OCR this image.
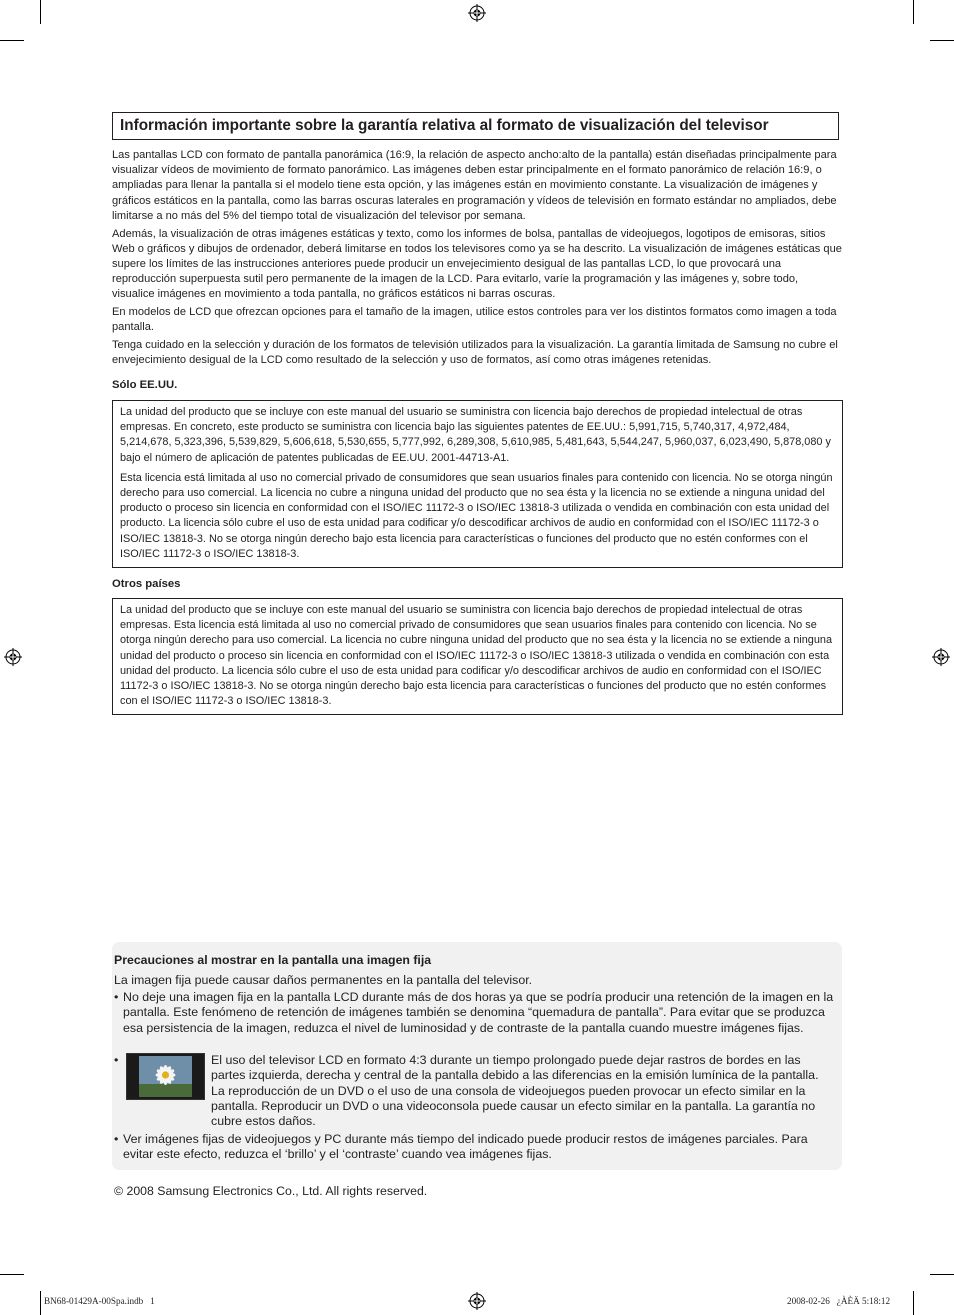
Información importante sobre la garantía relativa al formato de visualización del televisor

Las pantallas LCD con formato de pantalla panorámica (16:9, la relación de aspecto ancho:alto de la pantalla) están diseñadas principalmente para visualizar vídeos de movimiento de formato panorámico. Las imágenes deben estar principalmente en el formato panorámico de relación 16:9, o ampliadas para llenar la pantalla si el modelo tiene esta opción, y las imágenes están en movimiento constante. La visualización de imágenes y gráficos estáticos en la pantalla, como las barras oscuras laterales en programación y vídeos de televisión en formato estándar no ampliados, debe limitarse a no más del 5% del tiempo total de visualización del televisor por semana.

Además, la visualización de otras imágenes estáticas y texto, como los informes de bolsa, pantallas de videojuegos, logotipos de emisoras, sitios Web o gráficos y dibujos de ordenador, deberá limitarse en todos los televisores como ya se ha descrito. La visualización de imágenes estáticas que supere los límites de las instrucciones anteriores puede producir un envejecimiento desigual de las pantallas LCD, lo que provocará una reproducción superpuesta sutil pero permanente de la imagen de la LCD. Para evitarlo, varíe la programación y las imágenes y, sobre todo, visualice imágenes en movimiento a toda pantalla, no gráficos estáticos ni barras oscuras.

En modelos de LCD que ofrezcan opciones para el tamaño de la imagen, utilice estos controles para ver los distintos formatos como imagen a toda pantalla.

Tenga cuidado en la selección y duración de los formatos de televisión utilizados para la visualización. La garantía limitada de Samsung no cubre el envejecimiento desigual de la LCD como resultado de la selección y uso de formatos, así como otras imágenes retenidas.

Sólo EE.UU.

La unidad del producto que se incluye con este manual del usuario se suministra con licencia bajo derechos de propiedad intelectual de otras empresas. En concreto, este producto se suministra con licencia bajo las siguientes patentes de EE.UU.: 5,991,715, 5,740,317, 4,972,484, 5,214,678, 5,323,396, 5,539,829, 5,606,618, 5,530,655, 5,777,992, 6,289,308, 5,610,985, 5,481,643, 5,544,247, 5,960,037, 6,023,490, 5,878,080 y bajo el número de aplicación de patentes publicadas de EE.UU. 2001-44713-A1.

Esta licencia está limitada al uso no comercial privado de consumidores que sean usuarios finales para contenido con licencia. No se otorga ningún derecho para uso comercial. La licencia no cubre a ninguna unidad del producto que no sea ésta y la licencia no se extiende a ninguna unidad del producto o proceso sin licencia en conformidad con el ISO/IEC 11172-3 o ISO/IEC 13818-3 utilizada o vendida en combinación con esta unidad del producto. La licencia sólo cubre el uso de esta unidad para codificar y/o descodificar archivos de audio en conformidad con el ISO/IEC 11172-3 o ISO/IEC 13818-3. No se otorga ningún derecho bajo esta licencia para características o funciones del producto que no estén conformes con el ISO/IEC 11172-3 o ISO/IEC 13818-3.

Otros países

La unidad del producto que se incluye con este manual del usuario se suministra con licencia bajo derechos de propiedad intelectual de otras empresas. Esta licencia está limitada al uso no comercial privado de consumidores que sean usuarios finales para contenido con licencia. No se otorga ningún derecho para uso comercial. La licencia no cubre ninguna unidad del producto que no sea ésta y la licencia no se extiende a ninguna unidad del producto o proceso sin licencia en conformidad con el ISO/IEC 11172-3 o ISO/IEC 13818-3 utilizada o vendida en combinación con esta unidad del producto. La licencia sólo cubre el uso de esta unidad para codificar y/o descodificar archivos de audio en conformidad con el ISO/IEC 11172-3 o ISO/IEC 13818-3. No se otorga ningún derecho bajo esta licencia para características o funciones del producto que no estén conformes con el ISO/IEC 11172-3 o ISO/IEC 13818-3.

Precauciones al mostrar en la pantalla una imagen fija

La imagen fija puede causar daños permanentes en la pantalla del televisor.

• No deje una imagen fija en la pantalla LCD durante más de dos horas ya que se podría producir una retención de la imagen en la pantalla. Este fenómeno de retención de imágenes también se denomina “quemadura de pantalla”. Para evitar que se produzca esa persistencia de la imagen, reduzca el nivel de luminosidad y de contraste de la pantalla cuando muestre imágenes fijas.
•	El uso del televisor LCD en formato 4:3 durante un tiempo prolongado puede dejar rastros de bordes en las partes izquierda, derecha y central de la pantalla debido a las diferencias en la emisión lumínica de la pantalla. La reproducción de un DVD o el uso de una consola de videojuegos pueden provocar un efecto similar en la pantalla. Reproducir un DVD o una videoconsola puede causar un efecto similar en la pantalla. La garantía no cubre estos daños.
• Ver imágenes fijas de videojuegos y PC durante más tiempo del indicado puede producir restos de imágenes parciales. Para evitar este efecto, reduzca el ‘brillo’ y el ‘contraste’ cuando vea imágenes fijas.
© 2008 Samsung Electronics Co., Ltd. All rights reserved.
BN68-01429A-00Spa.indb   1	2008-02-26   ¿ÀÈÄ 5:18:12
